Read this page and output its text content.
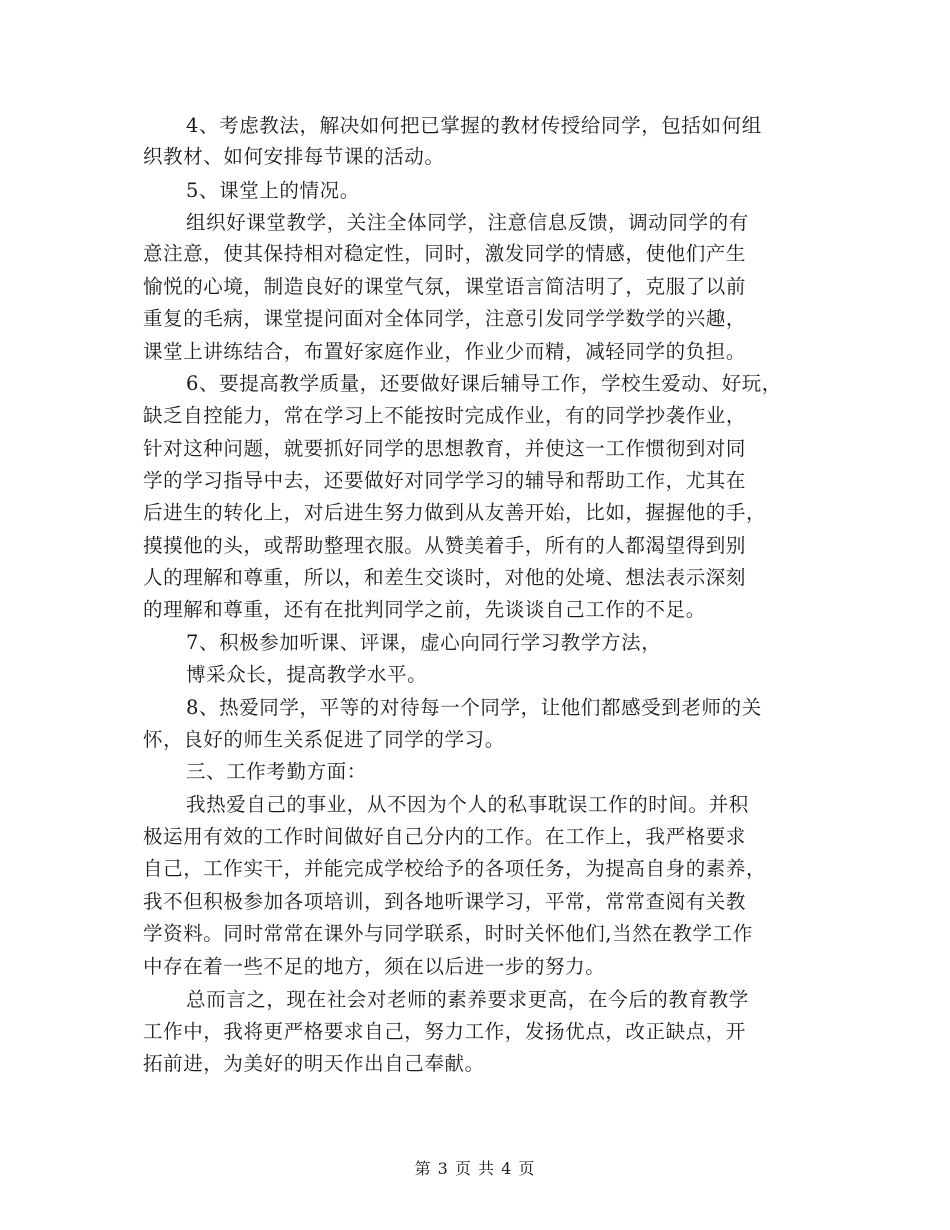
4、考虑教法，解决如何把已掌握的教材传授给同学，包括如何组
织教材、如何安排每节课的活动。
5、课堂上的情况。
组织好课堂教学，关注全体同学，注意信息反馈，调动同学的有
意注意，使其保持相对稳定性，同时，激发同学的情感，使他们产生
愉悦的心境，制造良好的课堂气氛，课堂语言简洁明了，克服了以前
重复的毛病，课堂提问面对全体同学，注意引发同学学数学的兴趣，
课堂上讲练结合，布置好家庭作业，作业少而精，减轻同学的负担。
6、要提高教学质量，还要做好课后辅导工作，学校生爱动、好玩，
缺乏自控能力，常在学习上不能按时完成作业，有的同学抄袭作业，
针对这种问题，就要抓好同学的思想教育，并使这一工作惯彻到对同
学的学习指导中去，还要做好对同学学习的辅导和帮助工作，尤其在
后进生的转化上，对后进生努力做到从友善开始，比如，握握他的手，
摸摸他的头，或帮助整理衣服。从赞美着手，所有的人都渴望得到别
人的理解和尊重，所以，和差生交谈时，对他的处境、想法表示深刻
的理解和尊重，还有在批判同学之前，先谈谈自己工作的不足。
7、积极参加听课、评课，虚心向同行学习教学方法，
博采众长，提高教学水平。
8、热爱同学，平等的对待每一个同学，让他们都感受到老师的关
怀，良好的师生关系促进了同学的学习。
三、工作考勤方面：
我热爱自己的事业，从不因为个人的私事耽误工作的时间。并积
极运用有效的工作时间做好自己分内的工作。在工作上，我严格要求
自己，工作实干，并能完成学校给予的各项任务，为提高自身的素养，
我不但积极参加各项培训，到各地听课学习，平常，常常查阅有关教
学资料。同时常常在课外与同学联系，时时关怀他们,当然在教学工作
中存在着一些不足的地方，须在以后进一步的努力。
总而言之，现在社会对老师的素养要求更高，在今后的教育教学
工作中，我将更严格要求自己，努力工作，发扬优点，改正缺点，开
拓前进，为美好的明天作出自己奉献。
第 3 页 共 4 页
